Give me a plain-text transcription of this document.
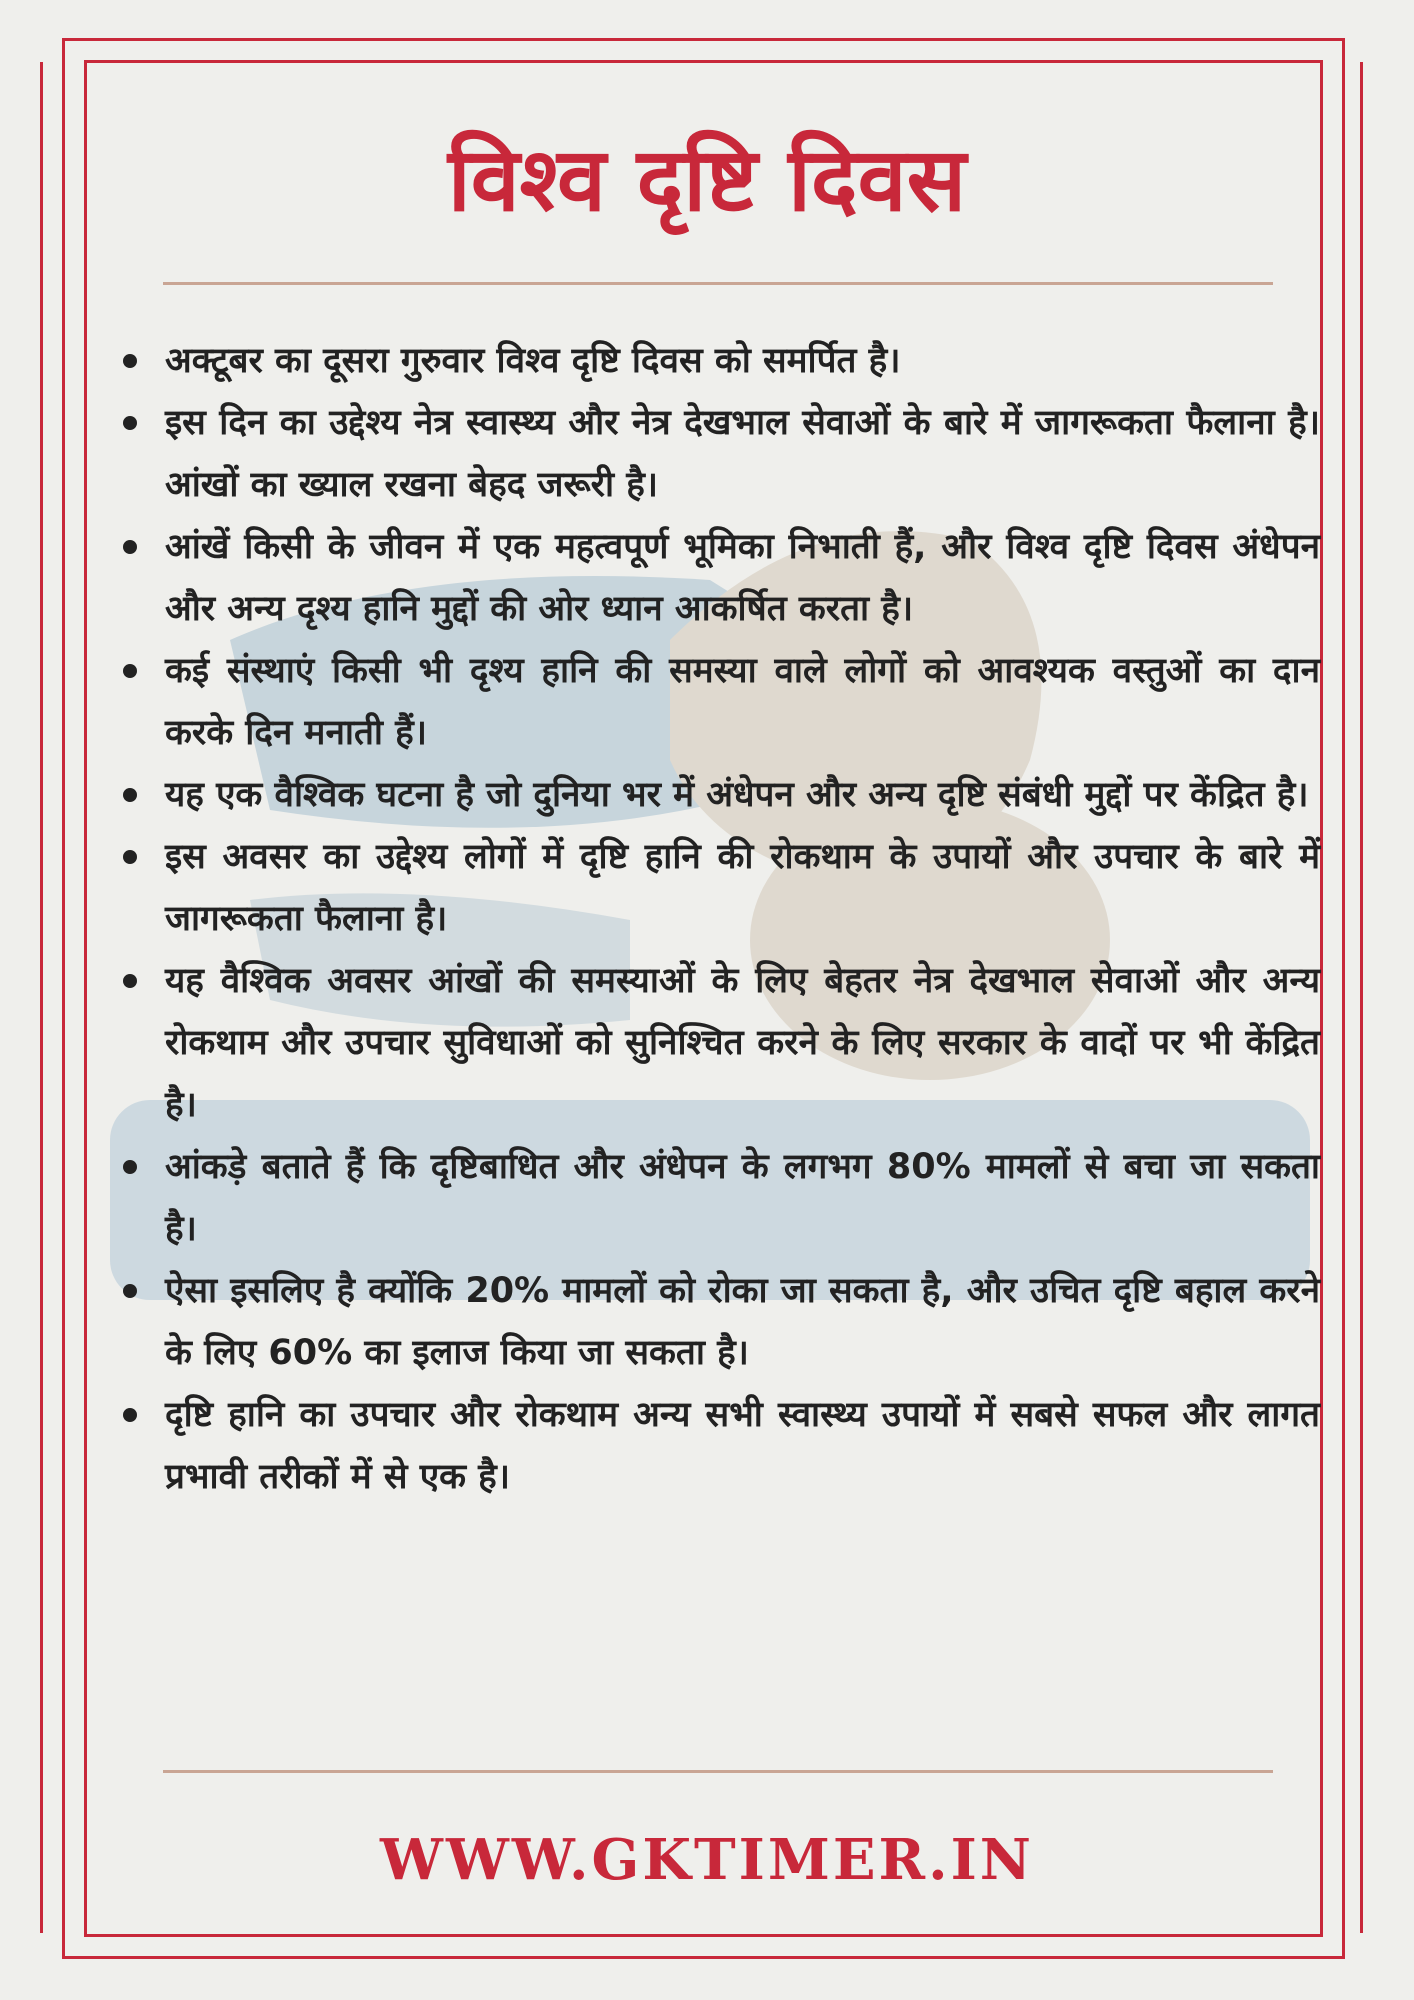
विश्व दृष्टि दिवस
अक्टूबर का दूसरा गुरुवार विश्व दृष्टि दिवस को समर्पित है।
इस दिन का उद्देश्य नेत्र स्वास्थ्य और नेत्र देखभाल सेवाओं के बारे में जागरूकता फैलाना है। आंखों का ख्याल रखना बेहद जरूरी है।
आंखें किसी के जीवन में एक महत्वपूर्ण भूमिका निभाती हैं, और विश्व दृष्टि दिवस अंधेपन और अन्य दृश्य हानि मुद्दों की ओर ध्यान आकर्षित करता है।
कई संस्थाएं किसी भी दृश्य हानि की समस्या वाले लोगों को आवश्यक वस्तुओं का दान करके दिन मनाती हैं।
यह एक वैश्विक घटना है जो दुनिया भर में अंधेपन और अन्य दृष्टि संबंधी मुद्दों पर केंद्रित है।
इस अवसर का उद्देश्य लोगों में दृष्टि हानि की रोकथाम के उपायों और उपचार के बारे में जागरूकता फैलाना है।
यह वैश्विक अवसर आंखों की समस्याओं के लिए बेहतर नेत्र देखभाल सेवाओं और अन्य रोकथाम और उपचार सुविधाओं को सुनिश्चित करने के लिए सरकार के वादों पर भी केंद्रित है।
आंकड़े बताते हैं कि दृष्टिबाधित और अंधेपन के लगभग 80% मामलों से बचा जा सकता है।
ऐसा इसलिए है क्योंकि 20% मामलों को रोका जा सकता है, और उचित दृष्टि बहाल करने के लिए 60% का इलाज किया जा सकता है।
दृष्टि हानि का उपचार और रोकथाम अन्य सभी स्वास्थ्य उपायों में सबसे सफल और लागत प्रभावी तरीकों में से एक है।
WWW.GKTIMER.IN
